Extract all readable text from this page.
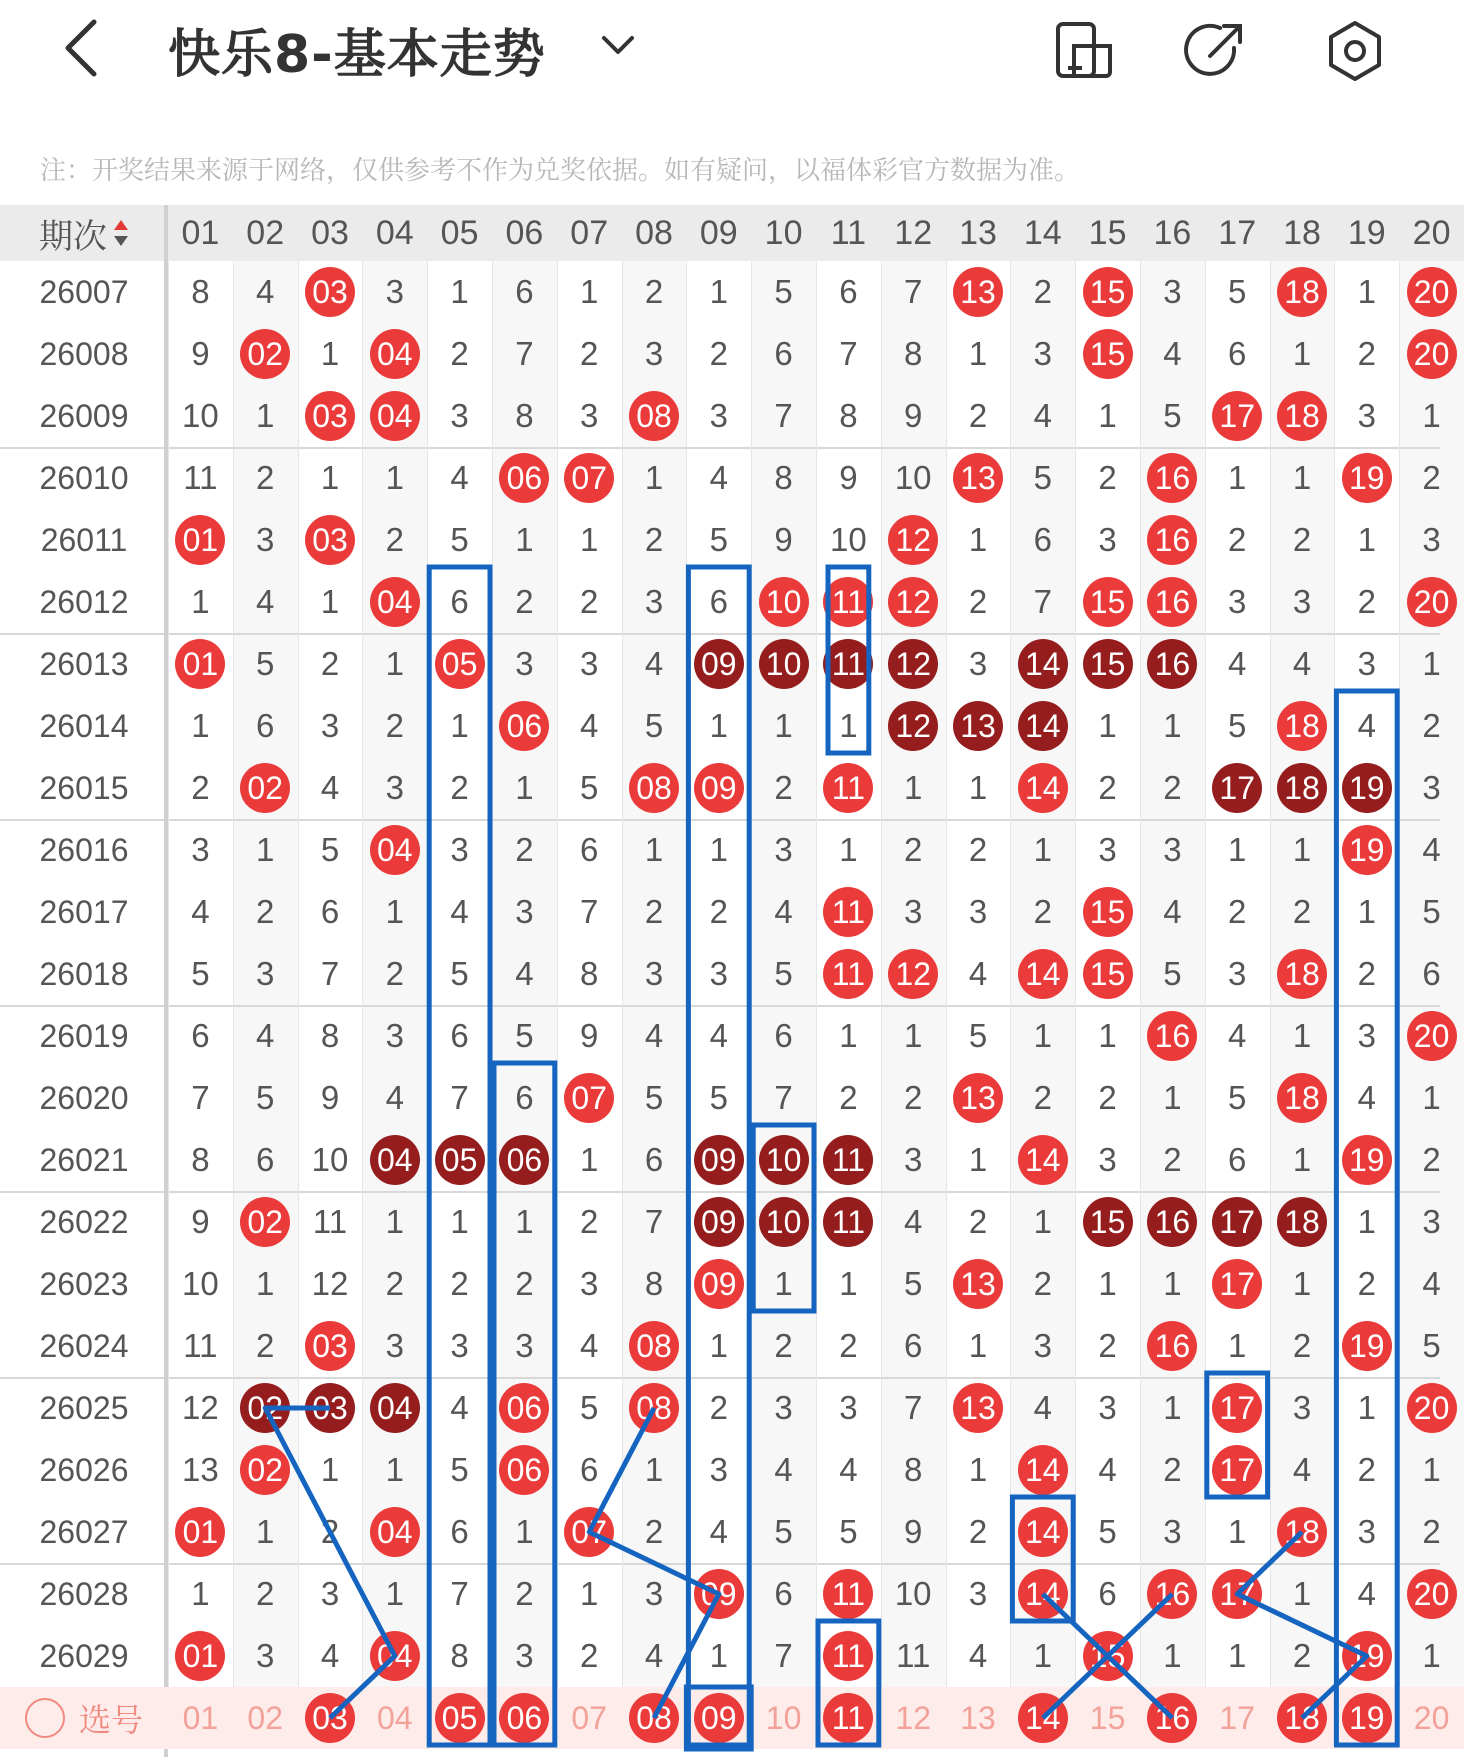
快乐8-基本走势
注：开奖结果来源于网络，仅供参考不作为兑奖依据。如有疑问，以福体彩官方数据为准。
期次	01 02 03 04 05 06 07 08 09 10 11 12 13 14 15 16 17 18 19 20
26007	8 4 03 3 1 6 1 2 1 5 6 7 13 2 15 3 5 18 1 20
26008	9 02 1 04 2 7 2 3 2 6 7 8 1 3 15 4 6 1 2 20
26009	10 1 03 04 3 8 3 08 3 7 8 9 2 4 1 5 17 18 3 1
26010	11 2 1 1 4 06 07 1 4 8 9 10 13 5 2 16 1 1 19 2
26011	01 3 03 2 5 1 1 2 5 9 10 12 1 6 3 16 2 2 1 3
26012	1 4 1 04 6 2 2 3 6 10 11 12 2 7 15 16 3 3 2 20
26013	01 5 2 1 05 3 3 4 09 10 11 12 3 14 15 16 4 4 3 1
26014	1 6 3 2 1 06 4 5 1 1 1 12 13 14 1 1 5 18 4 2
26015	2 02 4 3 2 1 5 08 09 2 11 1 1 14 2 2 17 18 19 3
26016	3 1 5 04 3 2 6 1 1 3 1 2 2 1 3 3 1 1 19 4
26017	4 2 6 1 4 3 7 2 2 4 11 3 3 2 15 4 2 2 1 5
26018	5 3 7 2 5 4 8 3 3 5 11 12 4 14 15 5 3 18 2 6
26019	6 4 8 3 6 5 9 4 4 6 1 1 5 1 1 16 4 1 3 20
26020	7 5 9 4 7 6 07 5 5 7 2 2 13 2 2 1 5 18 4 1
26021	8 6 10 04 05 06 1 6 09 10 11 3 1 14 3 2 6 1 19 2
26022	9 02 11 1 1 1 2 7 09 10 11 4 2 1 15 16 17 18 1 3
26023	10 1 12 2 2 2 3 8 09 1 1 5 13 2 1 1 17 1 2 4
26024	11 2 03 3 3 3 4 08 1 2 2 6 1 3 2 16 1 2 19 5
26025	12 02 03 04 4 06 5 08 2 3 3 7 13 4 3 1 17 3 1 20
26026	13 02 1 1 5 06 6 1 3 4 4 8 1 14 4 2 17 4 2 1
26027	01 1 2 04 6 1 07 2 4 5 5 9 2 14 5 3 1 18 3 2
26028	1 2 3 1 7 2 1 3 09 6 11 10 3 14 6 16 17 1 4 20
26029	01 3 4 04 8 3 2 4 1 7 11 11 4 1 15 1 1 2 19 1
选号 01 02 03 04 05 06 07 08 09 10 11 12 13 14 15 16 17 18 19 20
